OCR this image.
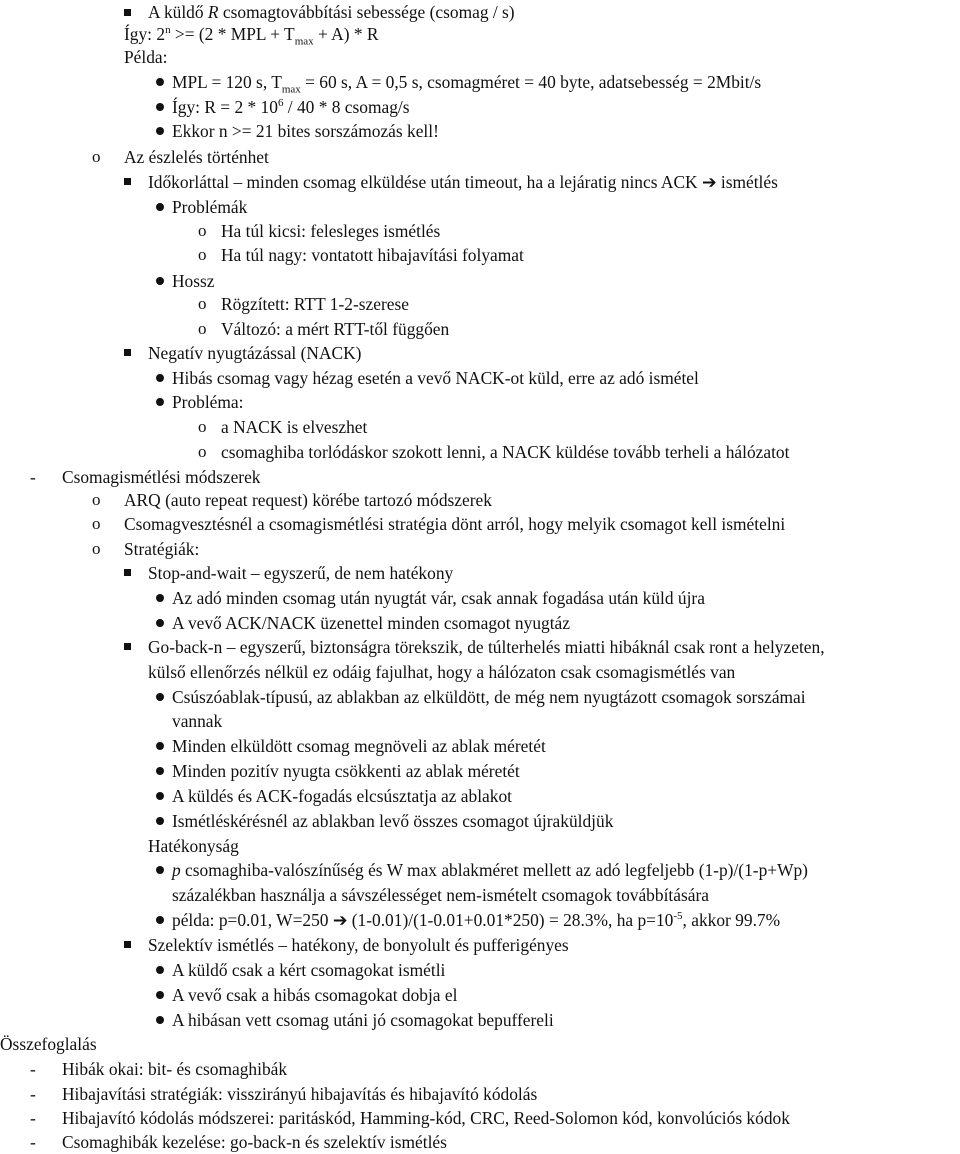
A küldő R csomagtovábbítási sebessége (csomag / s)
Így: $2^n >= (2$ * MPL + $T_{max} + A) * R$
Példa:
MPL = 120 s, $T_{max} = 60$ s, A = 0,5 s, csomagméret = 40 byte, adatsebesség = 2Mbit/s
Így: $R = 2 * 10^6 / 40 * 8$ csomag/s
Ekkor n >= 21 bites sorszámozás kell!
o Az észlelés történhet
Időkorláttal – minden csomag elküldése után timeout, ha a lejáratig nincs ACK ➔ ismétlés
Problémák
o Ha túl kicsi: felesleges ismétlés
o Ha túl nagy: vontatott hibajavítási folyamat
Hossz
o Rögzített: RTT 1-2-szerese
o Változó: a mért RTT-től függően
Negatív nyugtázással (NACK)
Hibás csomag vagy hézag esetén a vevő NACK-ot küld, erre az adó ismétel
Probléma:
o a NACK is elveszhet
o csomaghiba torlódáskor szokott lenni, a NACK küldése tovább terheli a hálózatot
- Csomagismétlési módszerek
o ARQ (auto repeat request) körébe tartozó módszerek
o Csomagvesztésnél a csomagismétlési stratégia dönt arról, hogy melyik csomagot kell ismételni
o Stratégiák:
Stop-and-wait – egyszerű, de nem hatékony
Az adó minden csomag után nyugtát vár, csak annak fogadása után küld újra
A vevő ACK/NACK üzenettel minden csomagot nyugtáz
Go-back-n – egyszerű, biztonságra törekszik, de túlterhelés miatti hibáknál csak ront a helyzeten,
külső ellenőrzés nélkül ez odáig fajulhat, hogy a hálózaton csak csomagismétlés van
Csúszóablak-típusú, az ablakban az elküldött, de még nem nyugtázott csomagok sorszámai
vannak
Minden elküldött csomag megnöveli az ablak méretét
Minden pozitív nyugta csökkenti az ablak méretét
A küldés és ACK-fogadás elcsúsztatja az ablakot
Ismétléskérésnél az ablakban levő összes csomagot újraküldjük
Hatékonyság
p csomaghiba-valószínűség és W max ablakméret mellett az adó legfeljebb (1-p)/(1-p+Wp)
százalékban használja a sávszélességet nem-ismételt csomagok továbbítására
példa: p=0.01, W=250 ➔ (1-0.01)/(1-0.01+0.01*250) = 28.3%, ha $p=10^{-5}$, akkor 99.7%
Szelektív ismétlés – hatékony, de bonyolult és pufferigényes
A küldő csak a kért csomagokat ismétli
A vevő csak a hibás csomagokat dobja el
A hibásan vett csomag utáni jó csomagokat bepuffereli
Összefoglalás
- Hibák okai: bit- és csomaghibák
- Hibajavítási stratégiák: visszirányú hibajavítás és hibajavító kódolás
- Hibajavító kódolás módszerei: paritáskód, Hamming-kód, CRC, Reed-Solomon kód, konvolúciós kódok
- Csomaghibák kezelése: go-back-n és szelektív ismétlés
